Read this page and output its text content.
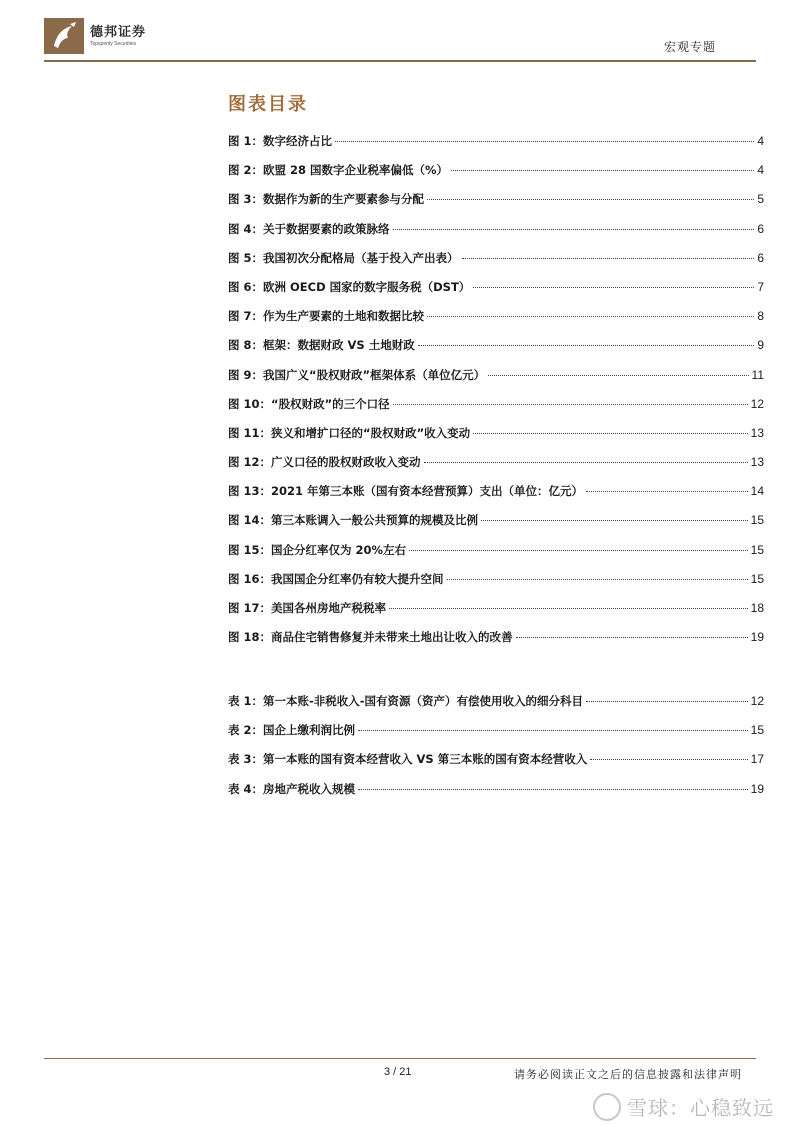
德邦证券
Topsperity Securities	宏观专题
图表目录
图 1：数字经济占比	4
图 2：欧盟 28 国数字企业税率偏低（%）	4
图 3：数据作为新的生产要素参与分配	5
图 4：关于数据要素的政策脉络	6
图 5：我国初次分配格局（基于投入产出表）	6
图 6：欧洲 OECD 国家的数字服务税（DST）	7
图 7：作为生产要素的土地和数据比较	8
图 8：框架：数据财政 VS 土地财政	9
图 9：我国广义“股权财政”框架体系（单位亿元）	11
图 10：“股权财政”的三个口径	12
图 11：狭义和增扩口径的“股权财政”收入变动	13
图 12：广义口径的股权财政收入变动	13
图 13：2021 年第三本账（国有资本经营预算）支出（单位：亿元）	14
图 14：第三本账调入一般公共预算的规模及比例	15
图 15：国企分红率仅为 20%左右	15
图 16：我国国企分红率仍有较大提升空间	15
图 17：美国各州房地产税税率	18
图 18：商品住宅销售修复并未带来土地出让收入的改善	19
表 1：第一本账-非税收入-国有资源（资产）有偿使用收入的细分科目	12
表 2：国企上缴利润比例	15
表 3：第一本账的国有资本经营收入 VS 第三本账的国有资本经营收入	17
表 4：房地产税收入规模	19
3 / 21	请务必阅读正文之后的信息披露和法律声明
雪球：心稳致远
